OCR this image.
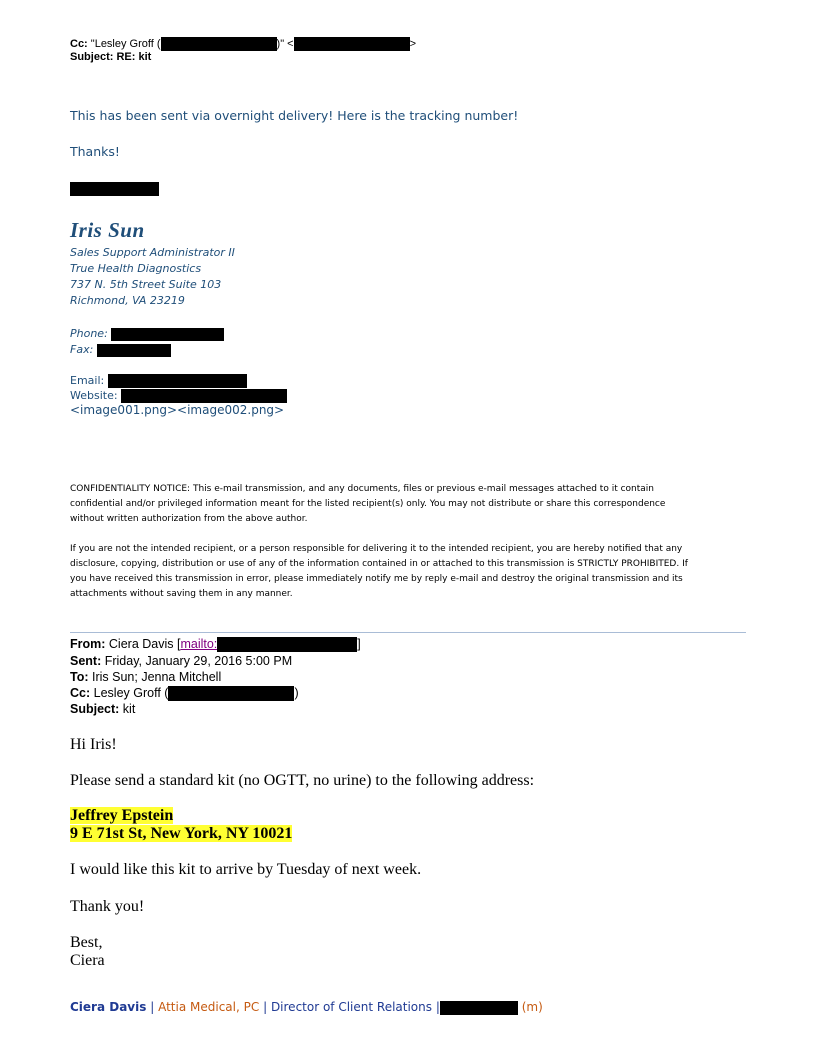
Cc: "Lesley Groff (	)" <	>
Subject: RE: kit
This has been sent via overnight delivery! Here is the tracking number!
Thanks!
Iris Sun
Sales Support Administrator II
True Health Diagnostics
737 N. 5th Street Suite 103
Richmond, VA 23219
Phone:
Fax:
Email:
Website:
<image001.png><image002.png>
CONFIDENTIALITY NOTICE: This e-mail transmission, and any documents, files or previous e-mail messages attached to it contain
confidential and/or privileged information meant for the listed recipient(s) only. You may not distribute or share this correspondence
without written authorization from the above author.
If you are not the intended recipient, or a person responsible for delivering it to the intended recipient, you are hereby notified that any
disclosure, copying, distribution or use of any of the information contained in or attached to this transmission is STRICTLY PROHIBITED. If
you have received this transmission in error, please immediately notify me by reply e-mail and destroy the original transmission and its
attachments without saving them in any manner.
From: Ciera Davis [mailto:	]
Sent: Friday, January 29, 2016 5:00 PM
To: Iris Sun; Jenna Mitchell
Cc: Lesley Groff (	)
Subject: kit
Hi Iris!
Please send a standard kit (no OGTT, no urine) to the following address:
Jeffrey Epstein
9 E 71st St, New York, NY 10021
I would like this kit to arrive by Tuesday of next week.
Thank you!
Best,
Ciera
Ciera Davis | Attia Medical, PC | Director of Client Relations |	(m)
